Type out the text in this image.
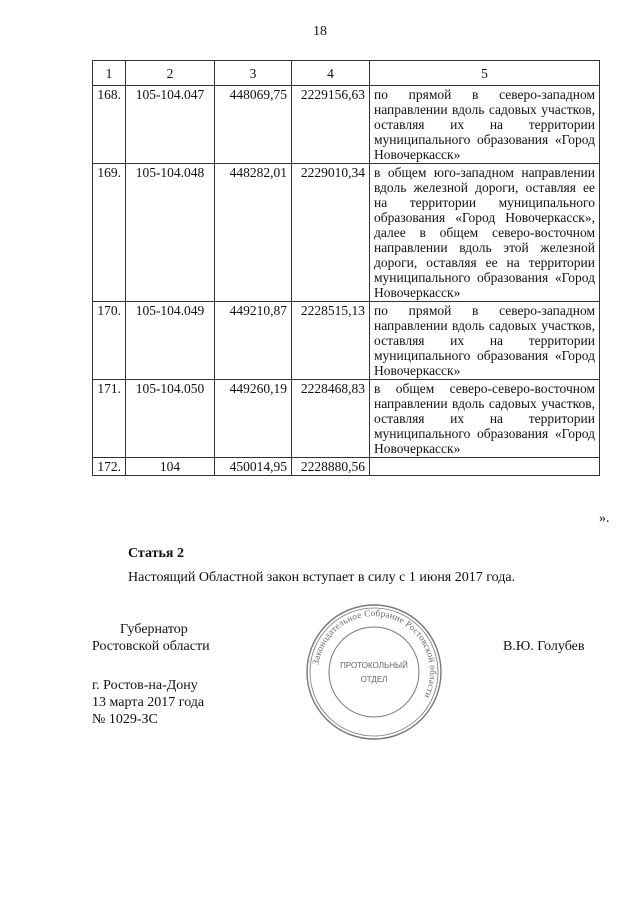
18
1	2	3	4	5
168.	105-104.047	448069,75	2229156,63	по прямой в северо-западном направлении вдоль садовых участков, оставляя их на территории муниципального образования «Город Новочеркасск»
169.	105-104.048	448282,01	2229010,34	в общем юго-западном направлении вдоль железной дороги, оставляя ее на территории муниципального образования «Город Новочеркасск», далее в общем северо-восточном направлении вдоль этой железной дороги, оставляя ее на территории муниципального образования «Город Новочеркасск»
170.	105-104.049	449210,87	2228515,13	по прямой в северо-западном направлении вдоль садовых участков, оставляя их на территории муниципального образования «Город Новочеркасск»
171.	105-104.050	449260,19	2228468,83	в общем северо-северо-восточном направлении вдоль садовых участков, оставляя их на территории муниципального образования «Город Новочеркасск»
172.	104	450014,95	2228880,56	
».
Статья 2
Настоящий Областной закон вступает в силу с 1 июня 2017 года.
Губернатор
Ростовской области	В.Ю. Голубев
г. Ростов-на-Дону
13 марта 2017 года
№ 1029-ЗС
Законодательное Собрание Ростовской области
ПРОТОКОЛЬНЫЙ
ОТДЕЛ
